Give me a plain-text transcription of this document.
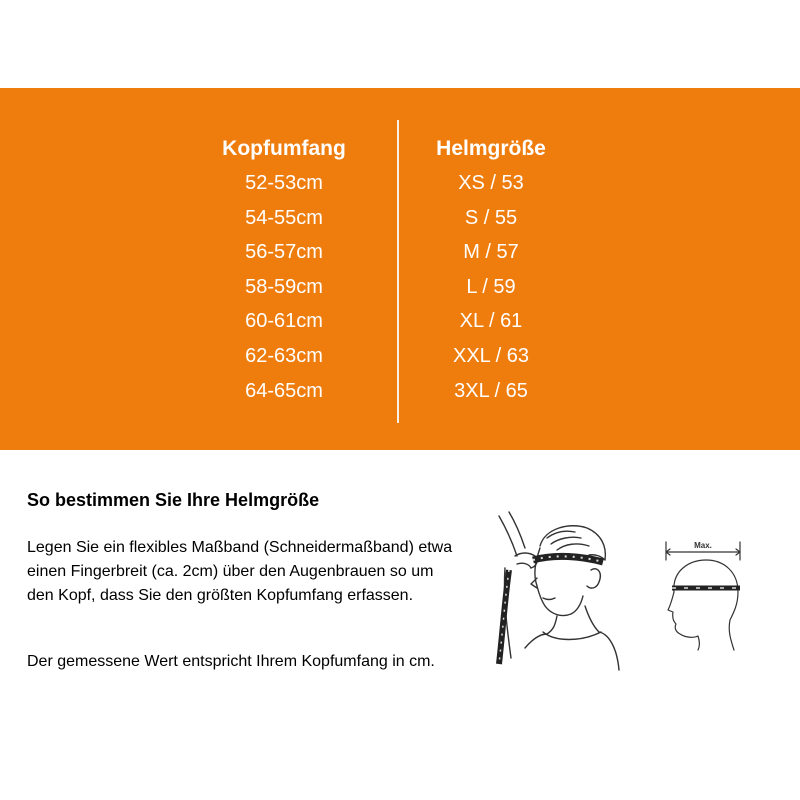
Kopfumfang
52-53cm
54-55cm
56-57cm
58-59cm
60-61cm
62-63cm
64-65cm
Helmgröße
XS / 53
S / 55
M / 57
L / 59
XL / 61
XXL / 63
3XL / 65
So bestimmen Sie Ihre Helmgröße
Legen Sie ein flexibles Maßband (Schneidermaßband) etwa einen Fingerbreit (ca. 2cm) über den Augenbrauen so um den Kopf, dass Sie den größten Kopfumfang erfassen.
Der gemessene Wert entspricht Ihrem Kopfumfang in cm.
Max.
